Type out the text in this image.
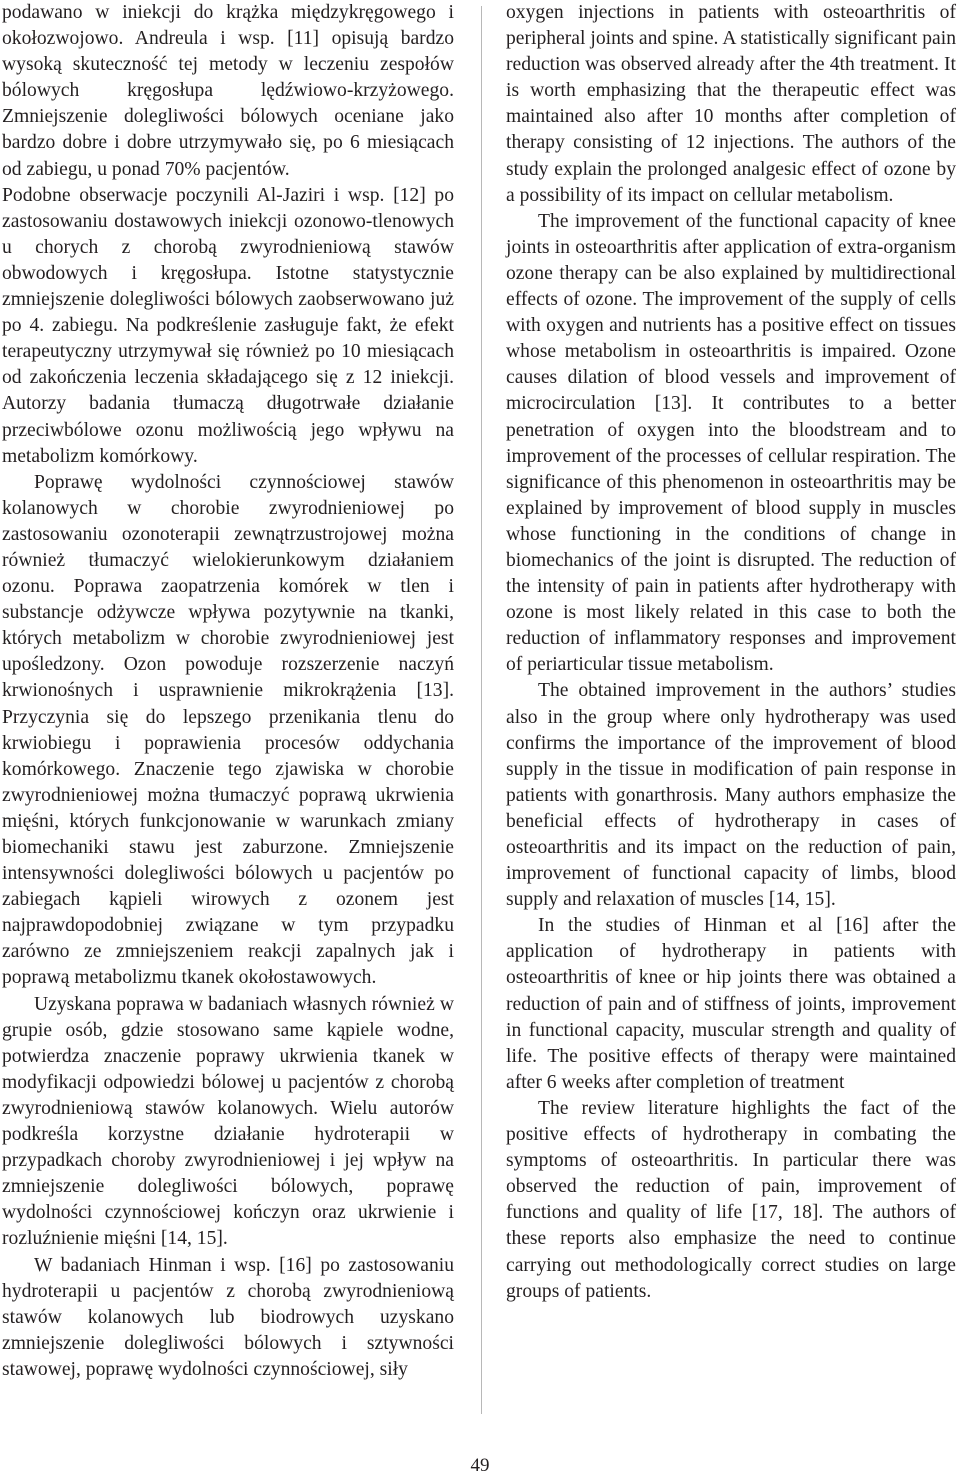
podawano w iniekcji do krążka międzykręgowego i okołozwojowo. Andreula i wsp. [11] opisują bardzo wysoką skuteczność tej metody w leczeniu zespołów bólowych kręgosłupa lędźwiowo-krzyżowego. Zmniejszenie dolegliwości bólowych oceniane jako bardzo dobre i dobre utrzymywało się, po 6 miesiącach od zabiegu, u ponad 70% pacjentów.

Podobne obserwacje poczynili Al-Jaziri i wsp. [12] po zastosowaniu dostawowych iniekcji ozonowo-tlenowych u chorych z chorobą zwyrodnieniową stawów obwodowych i kręgosłupa. Istotne statystycznie zmniejszenie dolegliwości bólowych zaobserwowano już po 4. zabiegu. Na podkreślenie zasługuje fakt, że efekt terapeutyczny utrzymywał się również po 10 miesiącach od zakończenia leczenia składającego się z 12 iniekcji. Autorzy badania tłumaczą długotrwałe działanie przeciwbólowe ozonu możliwością jego wpływu na metabolizm komórkowy.

Poprawę wydolności czynnościowej stawów kolanowych w chorobie zwyrodnieniowej po zastosowaniu ozonoterapii zewnątrzustrojowej można również tłumaczyć wielokierunkowym działaniem ozonu. Poprawa zaopatrzenia komórek w tlen i substancje odżywcze wpływa pozytywnie na tkanki, których metabolizm w chorobie zwyrodnieniowej jest upośledzony. Ozon powoduje rozszerzenie naczyń krwionośnych i usprawnienie mikrokrążenia [13]. Przyczynia się do lepszego przenikania tlenu do krwiobiegu i poprawienia procesów oddychania komórkowego. Znaczenie tego zjawiska w chorobie zwyrodnieniowej można tłumaczyć poprawą ukrwienia mięśni, których funkcjonowanie w warunkach zmiany biomechaniki stawu jest zaburzone. Zmniejszenie intensywności dolegliwości bólowych u pacjentów po zabiegach kąpieli wirowych z ozonem jest najprawdopodobniej związane w tym przypadku zarówno ze zmniejszeniem reakcji zapalnych jak i poprawą metabolizmu tkanek okołostawowych.

Uzyskana poprawa w badaniach własnych również w grupie osób, gdzie stosowano same kąpiele wodne, potwierdza znaczenie poprawy ukrwienia tkanek w modyfikacji odpowiedzi bólowej u pacjentów z chorobą zwyrodnieniową stawów kolanowych. Wielu autorów podkreśla korzystne działanie hydroterapii w przypadkach choroby zwyrodnieniowej i jej wpływ na zmniejszenie dolegliwości bólowych, poprawę wydolności czynnościowej kończyn oraz ukrwienie i rozluźnienie mięśni [14, 15].

W badaniach Hinman i wsp. [16] po zastosowaniu hydroterapii u pacjentów z chorobą zwyrodnieniową stawów kolanowych lub biodrowych uzyskano zmniejszenie dolegliwości bólowych i sztywności stawowej, poprawę wydolności czynnościowej, siły

oxygen injections in patients with osteoarthritis of peripheral joints and spine. A statistically significant pain reduction was observed already after the 4th treatment. It is worth emphasizing that the therapeutic effect was maintained also after 10 months after completion of therapy consisting of 12 injections. The authors of the study explain the prolonged analgesic effect of ozone by a possibility of its impact on cellular metabolism.

The improvement of the functional capacity of knee joints in osteoarthritis after application of extra-organism ozone therapy can be also explained by multidirectional effects of ozone. The improvement of the supply of cells with oxygen and nutrients has a positive effect on tissues whose metabolism in osteoarthritis is impaired. Ozone causes dilation of blood vessels and improvement of microcirculation [13]. It contributes to a better penetration of oxygen into the bloodstream and to improvement of the processes of cellular respiration. The significance of this phenomenon in osteoarthritis may be explained by improvement of blood supply in muscles whose functioning in the conditions of change in biomechanics of the joint is disrupted. The reduction of the intensity of pain in patients after hydrotherapy with ozone is most likely related in this case to both the reduction of inflammatory responses and improvement of periarticular tissue metabolism.

The obtained improvement in the authors’ studies also in the group where only hydrotherapy was used confirms the importance of the improvement of blood supply in the tissue in modification of pain response in patients with gonarthrosis. Many authors emphasize the beneficial effects of hydrotherapy in cases of osteoarthritis and its impact on the reduction of pain, improvement of functional capacity of limbs, blood supply and relaxation of muscles [14, 15].

In the studies of Hinman et al [16] after the application of hydrotherapy in patients with osteoarthritis of knee or hip joints there was obtained a reduction of pain and of stiffness of joints, improvement in functional capacity, muscular strength and quality of life. The positive effects of therapy were maintained after 6 weeks after completion of treatment

The review literature highlights the fact of the positive effects of hydrotherapy in combating the symptoms of osteoarthritis. In particular there was observed the reduction of pain, improvement of functions and quality of life [17, 18]. The authors of these reports also emphasize the need to continue carrying out methodologically correct studies on large groups of patients.

49
